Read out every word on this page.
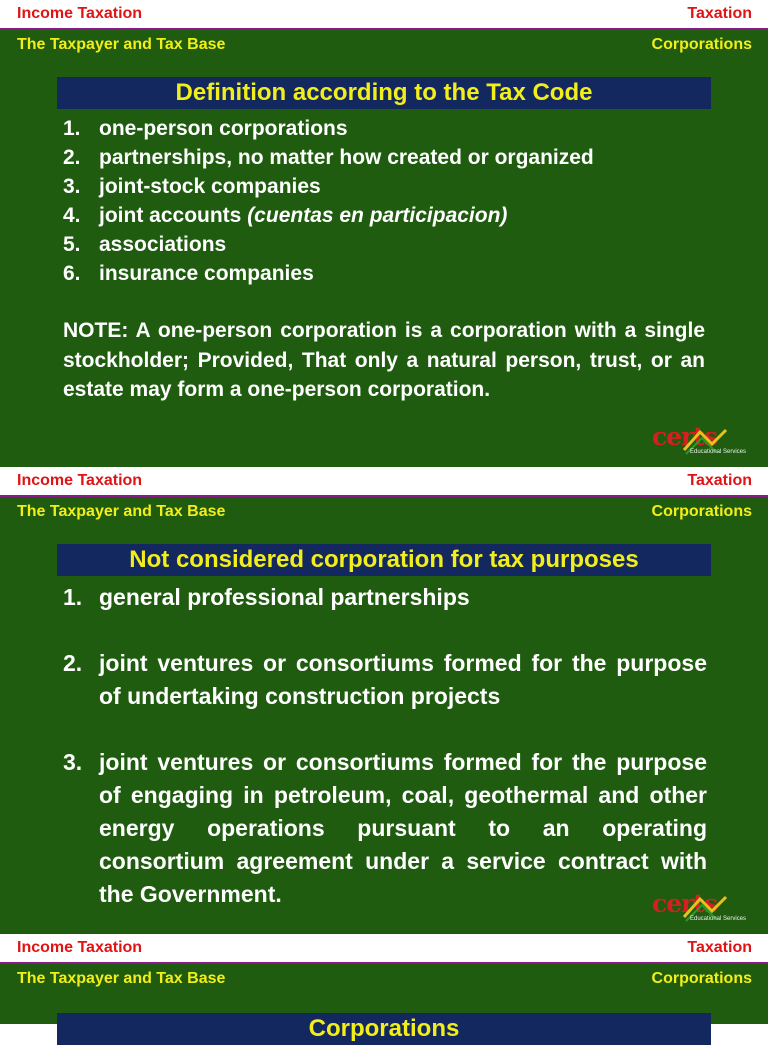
Income Taxation	Taxation
The Taxpayer and Tax Base	Corporations
Definition according to the Tax Code
1. one-person corporations
2. partnerships, no matter how created or organized
3. joint-stock companies
4. joint accounts (cuentas en participacion)
5. associations
6. insurance companies

NOTE: A one-person corporation is a corporation with a single stockholder; Provided, That only a natural person, trust, or an estate may form a one-person corporation.

certs
Educational Services
Income Taxation	Taxation
The Taxpayer and Tax Base	Corporations
Not considered corporation for tax purposes
1. general professional partnerships
2. joint ventures or consortiums formed for the purpose of undertaking construction projects
3. joint ventures or consortiums formed for the purpose of engaging in petroleum, coal, geothermal and other energy operations pursuant to an operating consortium agreement under a service contract with the Government.	certs
Educational Services
Income Taxation	Taxation
The Taxpayer and Tax Base	Corporations
Corporations
